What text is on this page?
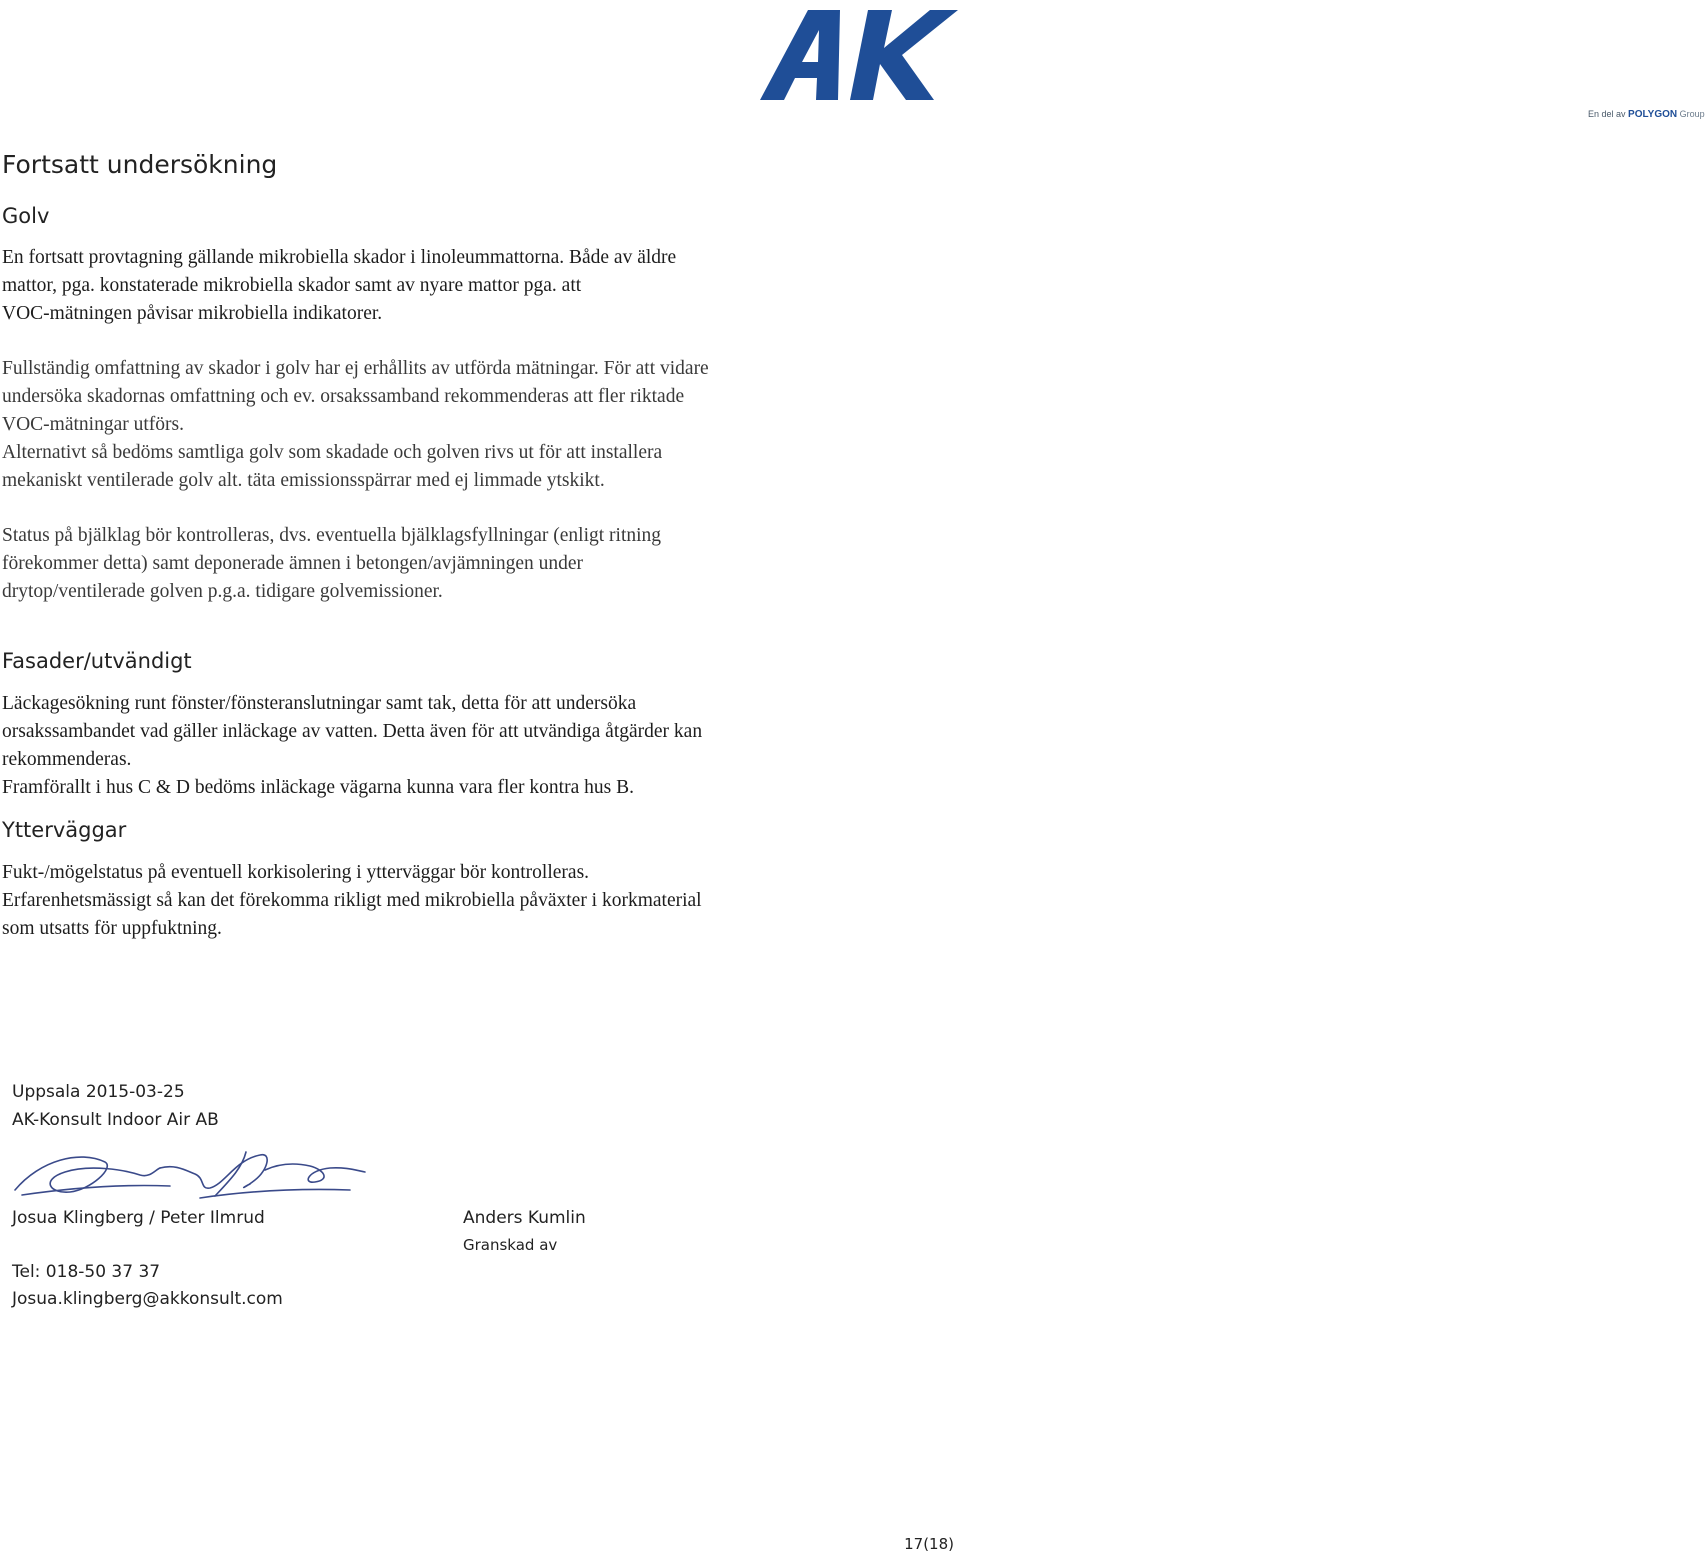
En del av POLYGON Group
Fortsatt undersökning
Golv
En fortsatt provtagning gällande mikrobiella skador i linoleummattorna. Både av äldre
mattor, pga. konstaterade mikrobiella skador samt av nyare mattor pga. att
VOC-mätningen påvisar mikrobiella indikatorer.
Fullständig omfattning av skador i golv har ej erhållits av utförda mätningar. För att vidare
undersöka skadornas omfattning och ev. orsakssamband rekommenderas att fler riktade
VOC-mätningar utförs.
Alternativt så bedöms samtliga golv som skadade och golven rivs ut för att installera
mekaniskt ventilerade golv alt. täta emissionsspärrar med ej limmade ytskikt.
Status på bjälklag bör kontrolleras, dvs. eventuella bjälklagsfyllningar (enligt ritning
förekommer detta) samt deponerade ämnen i betongen/avjämningen under
drytop/ventilerade golven p.g.a. tidigare golvemissioner.
Fasader/utvändigt
Läckagesökning runt fönster/fönsteranslutningar samt tak, detta för att undersöka
orsakssambandet vad gäller inläckage av vatten. Detta även för att utvändiga åtgärder kan
rekommenderas.
Framförallt i hus C & D bedöms inläckage vägarna kunna vara fler kontra hus B.
Ytterväggar
Fukt-/mögelstatus på eventuell korkisolering i ytterväggar bör kontrolleras.
Erfarenhetsmässigt så kan det förekomma rikligt med mikrobiella påväxter i korkmaterial
som utsatts för uppfuktning.
Uppsala 2015-03-25
AK-Konsult Indoor Air AB
Josua Klingberg / Peter Ilmrud	Anders Kumlin
Granskad av
Tel: 018-50 37 37
Josua.klingberg@akkonsult.com
17(18)
